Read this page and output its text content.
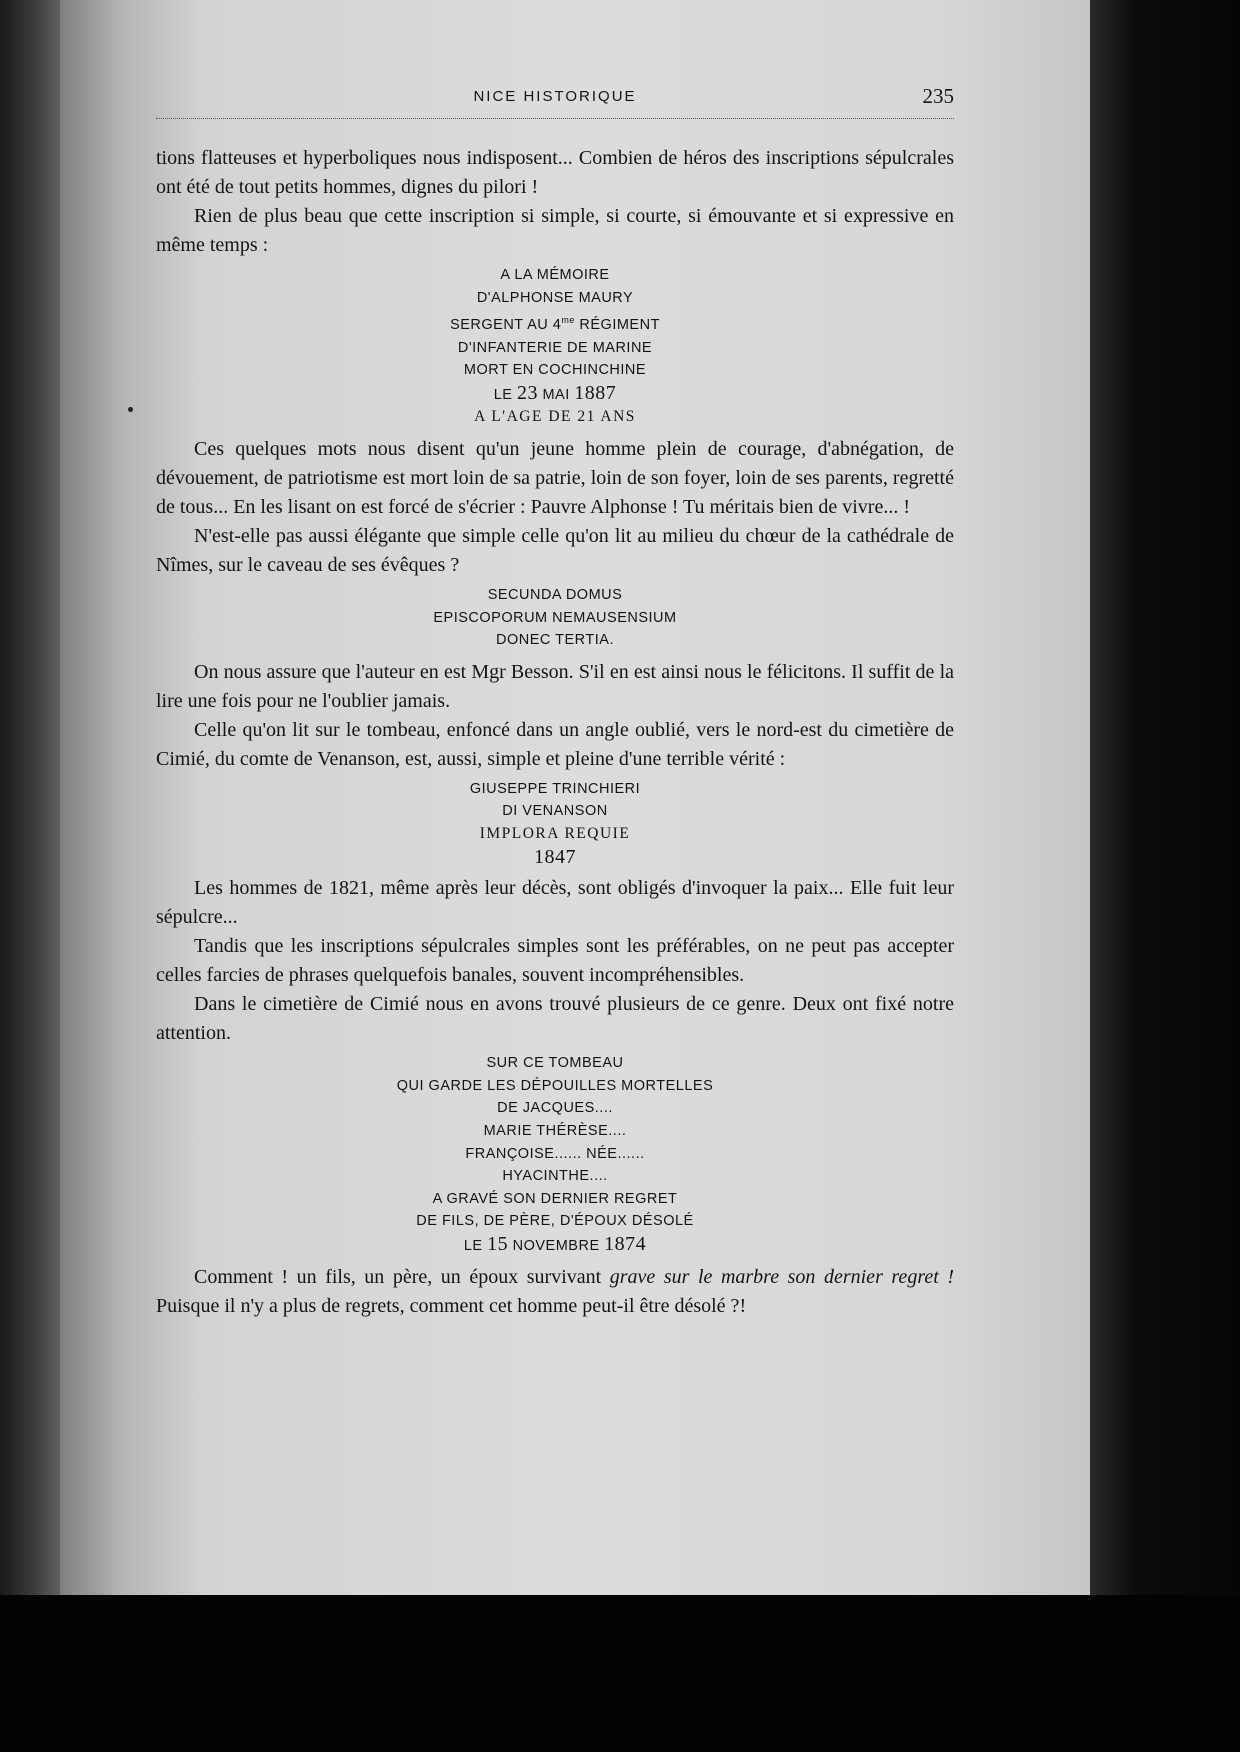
NICE HISTORIQUE	235

tions flatteuses et hyperboliques nous indisposent... Combien de héros des inscriptions sépulcrales ont été de tout petits hommes, dignes du pilori !

Rien de plus beau que cette inscription si simple, si courte, si émouvante et si expressive en même temps :

A LA MÉMOIRE
D'ALPHONSE MAURY
SERGENT AU $4^{me}$ RÉGIMENT
D'INFANTERIE DE MARINE
MORT EN COCHINCHINE
LE 23 MAI 1887
A L'AGE DE 21 ANS

Ces quelques mots nous disent qu'un jeune homme plein de courage, d'abnégation, de dévouement, de patriotisme est mort loin de sa patrie, loin de son foyer, loin de ses parents, regretté de tous... En les lisant on est forcé de s'écrier : Pauvre Alphonse ! Tu méritais bien de vivre... !

N'est-elle pas aussi élégante que simple celle qu'on lit au milieu du chœur de la cathédrale de Nîmes, sur le caveau de ses évêques ?

SECUNDA DOMUS
EPISCOPORUM NEMAUSENSIUM
DONEC TERTIA.

On nous assure que l'auteur en est Mgr Besson. S'il en est ainsi nous le félicitons. Il suffit de la lire une fois pour ne l'oublier jamais.

Celle qu'on lit sur le tombeau, enfoncé dans un angle oublié, vers le nord-est du cimetière de Cimié, du comte de Venanson, est, aussi, simple et pleine d'une terrible vérité :

GIUSEPPE TRINCHIERI
DI VENANSON
IMPLORA REQUIE
1847

Les hommes de 1821, même après leur décès, sont obligés d'invoquer la paix... Elle fuit leur sépulcre...

Tandis que les inscriptions sépulcrales simples sont les préférables, on ne peut pas accepter celles farcies de phrases quelquefois banales, souvent incompréhensibles.

Dans le cimetière de Cimié nous en avons trouvé plusieurs de ce genre. Deux ont fixé notre attention.

SUR CE TOMBEAU
QUI GARDE LES DÉPOUILLES MORTELLES
DE JACQUES....
MARIE THÉRÈSE....
FRANÇOISE...... NÉE......
HYACINTHE....
A GRAVÉ SON DERNIER REGRET
DE FILS, DE PÈRE, D'ÉPOUX DÉSOLÉ
LE 15 NOVEMBRE 1874

Comment ! un fils, un père, un époux survivant grave sur le marbre son dernier regret ! Puisque il n'y a plus de regrets, comment cet homme peut-il être désolé ?!
